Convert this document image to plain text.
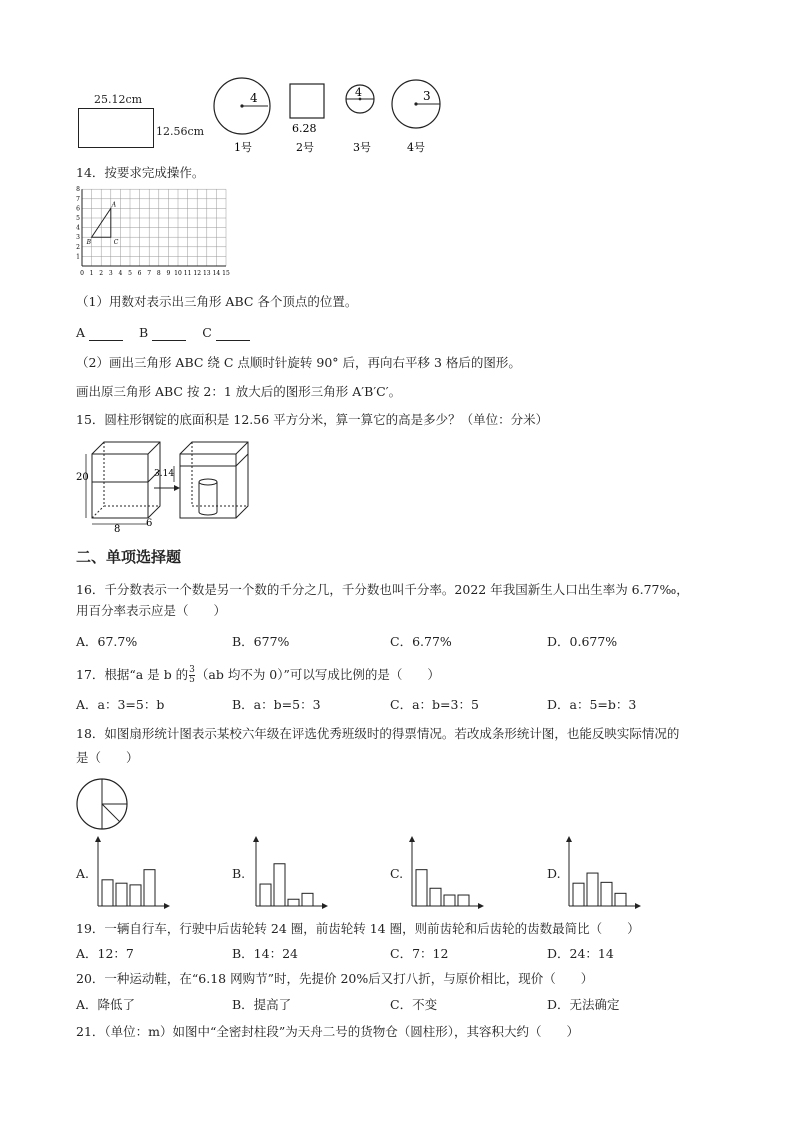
25.12cm
12.56cm
4
1号
6.28
2号
4
3号
3
4号
14．按要求完成操作。
0 1 2 3 4 5 6 7 8 9 10 11 12 13 14 15
1
2
3
4
5
6
7
8
A
B	C
（1）用数对表示出三角形 ABC 各个顶点的位置。
A	B	C
（2）画出三角形 ABC 绕 C 点顺时针旋转 90° 后，再向右平移 3 格后的图形。
画出原三角形 ABC 按 2：1 放大后的图形三角形 A′B′C′。
15．圆柱形钢锭的底面积是 12.56 平方分米，算一算它的高是多少？（单位：分米）
20
8
6
3.14
二、单项选择题
16．千分数表示一个数是另一个数的千分之几，千分数也叫千分率。2022 年我国新生人口出生率为 6.77‰，
用百分率表示应是（　　）
A．67.7%	B．677%	C．6.77%	D．0.677%
17．根据“a 是 b 的 $\frac{3}{5} (ab$ 均不为 0）”可以写成比例的是（　　）
A．a：3=5：b	B．a：b=5：3	C．a：b=3：5	D．a：5=b：3
18．如图扇形统计图表示某校六年级在评选优秀班级时的得票情况。若改成条形统计图，也能反映实际情况的
是（　　）
A.	B.	C.	D.
19．一辆自行车，行驶中后齿轮转 24 圈，前齿轮转 14 圈，则前齿轮和后齿轮的齿数最简比（　　）
A．12：7	B．14：24	C．7：12	D．24：14
20．一种运动鞋，在“6.18 网购节”时，先提价 20%后又打八折，与原价相比，现价（　　）
A．降低了	B．提高了	C．不变	D．无法确定
21．（单位：m）如图中“全密封柱段”为天舟二号的货物仓（圆柱形），其容积大约（　　）
